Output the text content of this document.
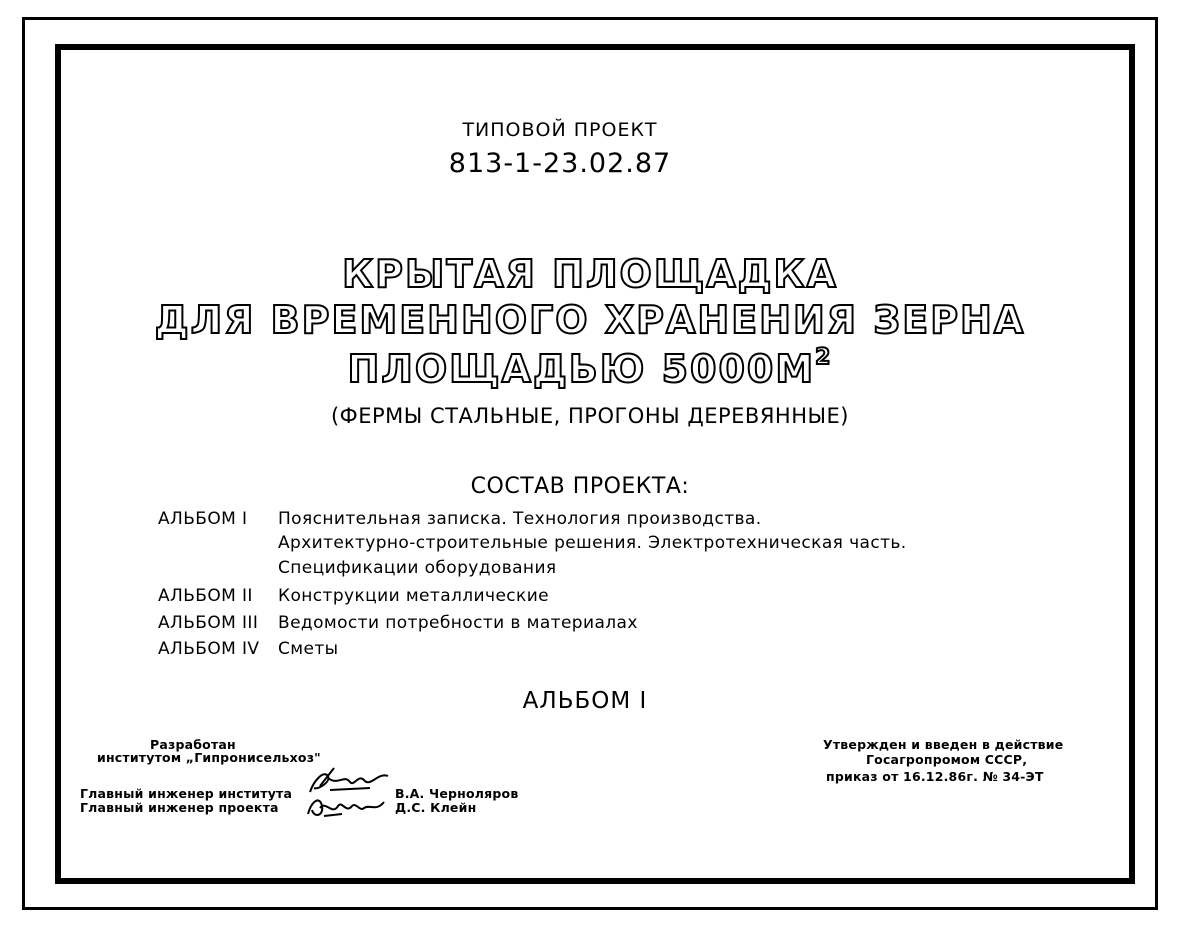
ТИПОВОЙ ПРОЕКТ
813-1-23.02.87
КРЫТАЯ ПЛОЩАДКА
ДЛЯ ВРЕМЕННОГО ХРАНЕНИЯ ЗЕРНА
ПЛОЩАДЬЮ $5000М^2$
(ФЕРМЫ СТАЛЬНЫЕ, ПРОГОНЫ ДЕРЕВЯННЫЕ)
СОСТАВ ПРОЕКТА:
АЛЬБОМ I Пояснительная записка. Технология производства.
Архитектурно-строительные решения. Электротехническая часть.
Спецификации оборудования
АЛЬБОМ II Конструкции металлические
АЛЬБОМ III Ведомости потребности в материалах
АЛЬБОМ IV Сметы
АЛЬБОМ I
Разработан
институтом „Гипронисельхоз"
Главный инженер института
Главный инженер проекта
В.А. Черноляров
Д.С. Клейн
Утвержден и введен в действие
Госагропромом СССР,
приказ от 16.12.86г. № 34-ЭТ
